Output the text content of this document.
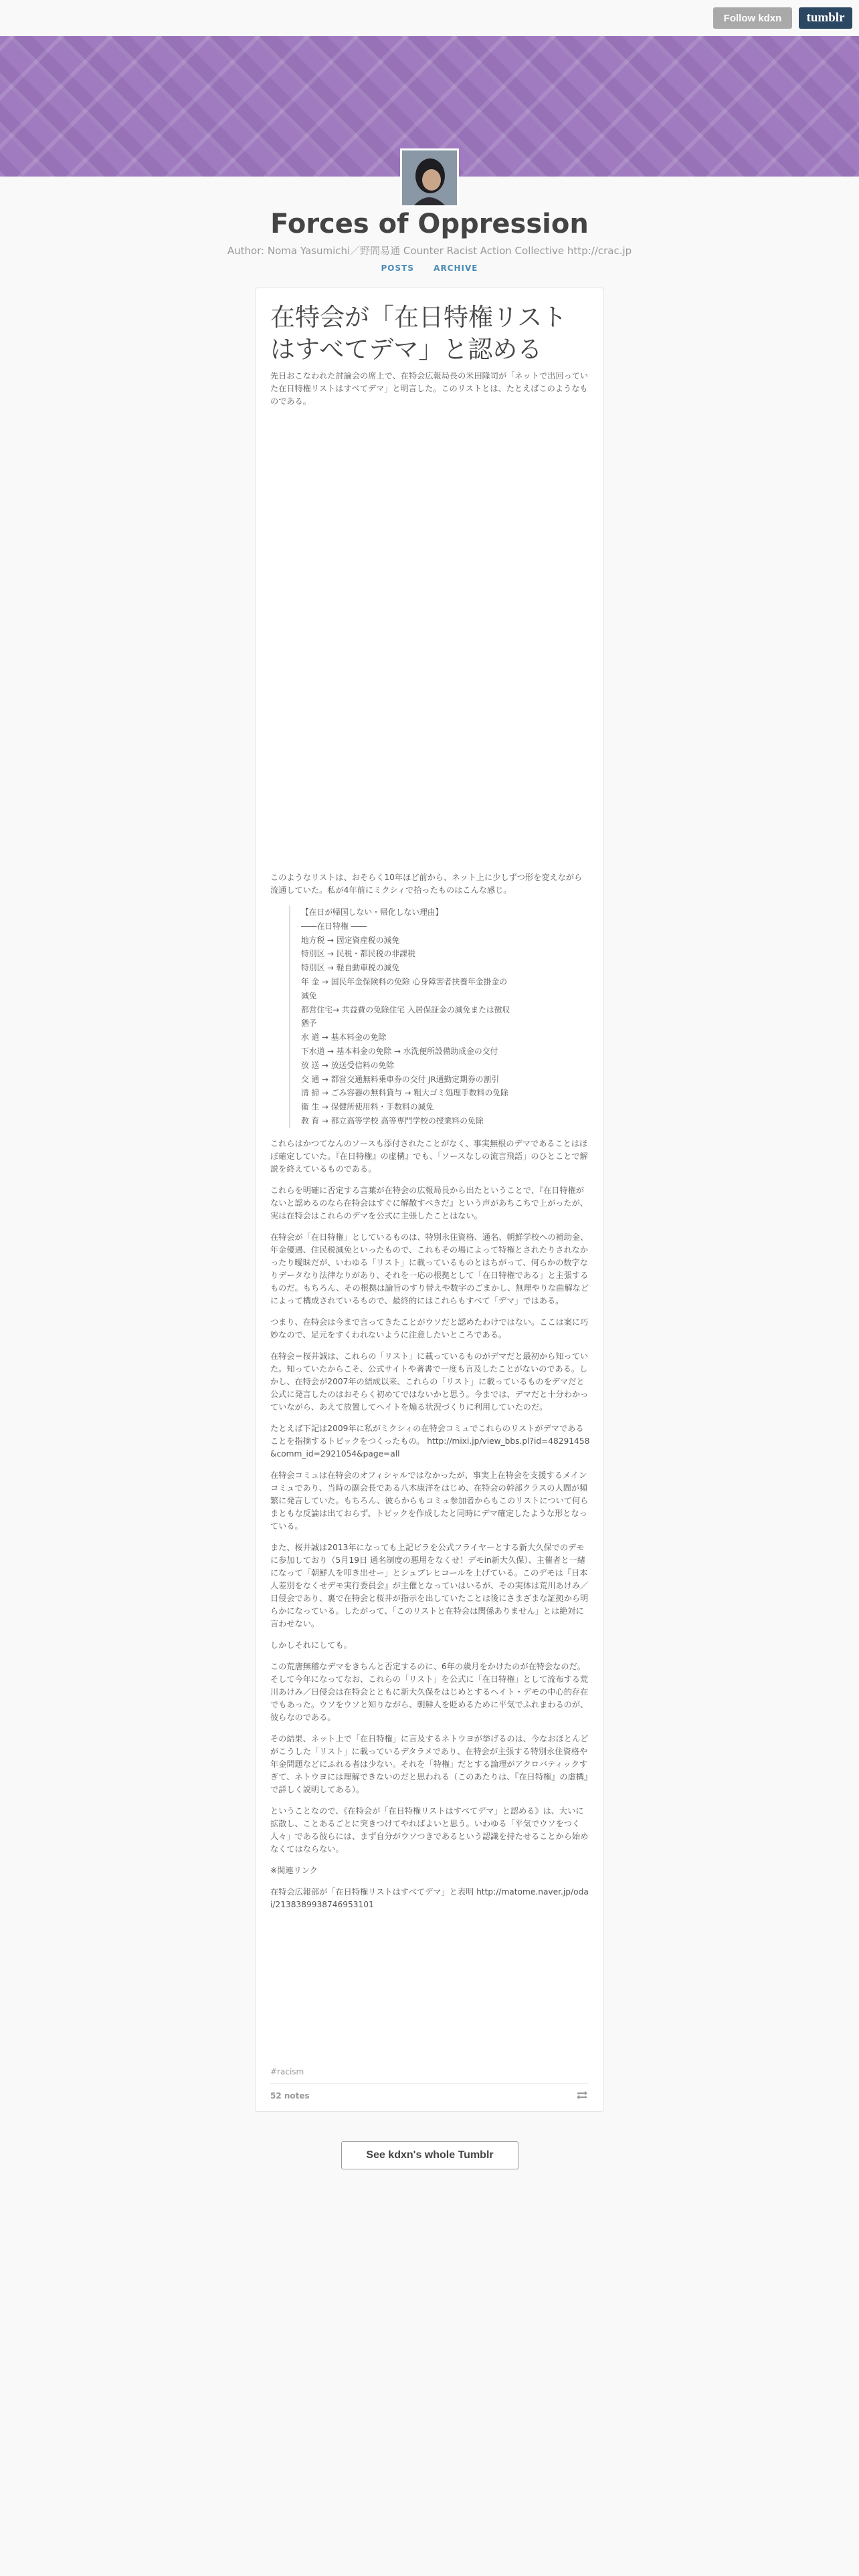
Follow kdxn	tumblr
Forces of Oppression
Author: Noma Yasumichi／野間易通 Counter Racist Action Collective http://crac.jp
POSTS ARCHIVE
在特会が「在日特権リストはすべてデマ」と認める

先日おこなわれた討論会の席上で、在特会広報局長の米田隆司が「ネットで出回っていた在日特権リストはすべてデマ」と明言した。このリストとは、たとえばこのようなものである。

このようなリストは、おそらく10年ほど前から、ネット上に少しずつ形を変えながら流通していた。私が4年前にミクシィで拾ったものはこんな感じ。

【在日が帰国しない・帰化しない理由】
――在日特権 ――
地方税 → 固定資産税の減免
特別区 → 民税・都民税の非課税
特別区 → 軽自動車税の減免
年 金 → 国民年金保険料の免除 心身障害者扶養年金掛金の
減免
都営住宅→ 共益費の免除住宅 入居保証金の減免または徴収
猶予
水 道 → 基本料金の免除
下水道 → 基本料金の免除 → 水洗便所設備助成金の交付
放 送 → 放送受信料の免除
交 通 → 都営交通無料乗車券の交付 JR通勤定期券の割引
清 掃 → ごみ容器の無料貸与 → 粗大ゴミ処理手数料の免除
衛 生 → 保健所使用料・手数料の減免
教 育 → 都立高等学校 高等専門学校の授業料の免除

これらはかつてなんのソースも添付されたことがなく、事実無根のデマであることはほぼ確定していた。『在日特権』の虚構』でも、「ソースなしの流言飛語」のひとことで解説を終えているものである。

これらを明確に否定する言葉が在特会の広報局長から出たということで、『在日特権がないと認めるのなら在特会はすぐに解散すべきだ』という声があちこちで上がったが、実は在特会はこれらのデマを公式に主張したことはない。

在特会が「在日特権」としているものは、特別永住資格、通名、朝鮮学校への補助金、年金優遇、住民税減免といったもので、これもその場によって特権とされたりされなかったり曖昧だが、いわゆる「リスト」に載っているものとはちがって、何らかの数字なりデータなり法律なりがあり、それを一応の根拠として「在日特権である」と主張するものだ。もちろん、その根拠は論旨のすり替えや数字のごまかし、無理やりな曲解などによって構成されているもので、最終的にはこれらもすべて「デマ」ではある。

つまり、在特会は今まで言ってきたことがウソだと認めたわけではない。ここは案に巧妙なので、足元をすくわれないように注意したいところである。

在特会＝桜井誠は、これらの「リスト」に載っているものがデマだと最初から知っていた。知っていたからこそ、公式サイトや著書で一度も言及したことがないのである。しかし、在特会が2007年の結成以来、これらの「リスト」に載っているものをデマだと公式に発言したのはおそらく初めてではないかと思う。今までは、デマだと十分わかっていながら、あえて放置してヘイトを煽る状況づくりに利用していたのだ。

たとえば下記は2009年に私がミクシィの在特会コミュでこれらのリストがデマであることを指摘するトピックをつくったもの。 http://mixi.jp/view_bbs.pl?id=48291458&comm_id=2921054&page=all

在特会コミュは在特会のオフィシャルではなかったが、事実上在特会を支援するメインコミュであり、当時の副会長である八木康洋をはじめ、在特会の幹部クラスの人間が頻繁に発言していた。もちろん、彼らからもコミュ参加者からもこのリストについて何らまともな反論は出ておらず、トピックを作成したと同時にデマ確定したような形となっている。

また、桜井誠は2013年になっても上記ビラを公式フライヤーとする新大久保でのデモに参加しており（5月19日 通名制度の悪用をなくせ！デモin新大久保）、主催者と一緒になって「朝鮮人を叩き出せー」とシュプレヒコールを上げている。このデモは『日本人差別をなくせデモ実行委員会』が主催となっていはいるが、その実体は荒川あけみ／日侵会であり、裏で在特会と桜井が指示を出していたことは後にさまざまな証拠から明らかになっている。したがって、「このリストと在特会は関係ありません」とは絶対に言わせない。

しかしそれにしても。

この荒唐無稽なデマをきちんと否定するのに、6年の歳月をかけたのが在特会なのだ。そして今年になってなお、これらの「リスト」を公式に「在日特権」として流布する荒川あけみ／日侵会は在特会とともに新大久保をはじめとするヘイト・デモの中心的存在でもあった。ウソをウソと知りながら、朝鮮人を貶めるために平気でふれまわるのが、彼らなのである。

その結果、ネット上で「在日特権」に言及するネトウヨが挙げるのは、今なおほとんどがこうした「リスト」に載っているデタラメであり、在特会が主張する特別永住資格や年金問題などにふれる者は少ない。それを「特権」だとする論理がアクロバティックすぎて、ネトウヨには理解できないのだと思われる（このあたりは、『在日特権』の虚構』で詳しく説明してある）。

ということなので、《在特会が「在日特権リストはすべてデマ」と認める》は、大いに拡散し、ことあるごとに突きつけてやればよいと思う。いわゆる「平気でウソをつく人々」である彼らには、まず自分がウソつきであるという認識を持たせることから始めなくてはならない。

※関連リンク

在特会広報部が「在日特権リストはすべてデマ」と表明 http://matome.naver.jp/odai/2138389938746953101

#racism
52 notes
See kdxn's whole Tumblr
